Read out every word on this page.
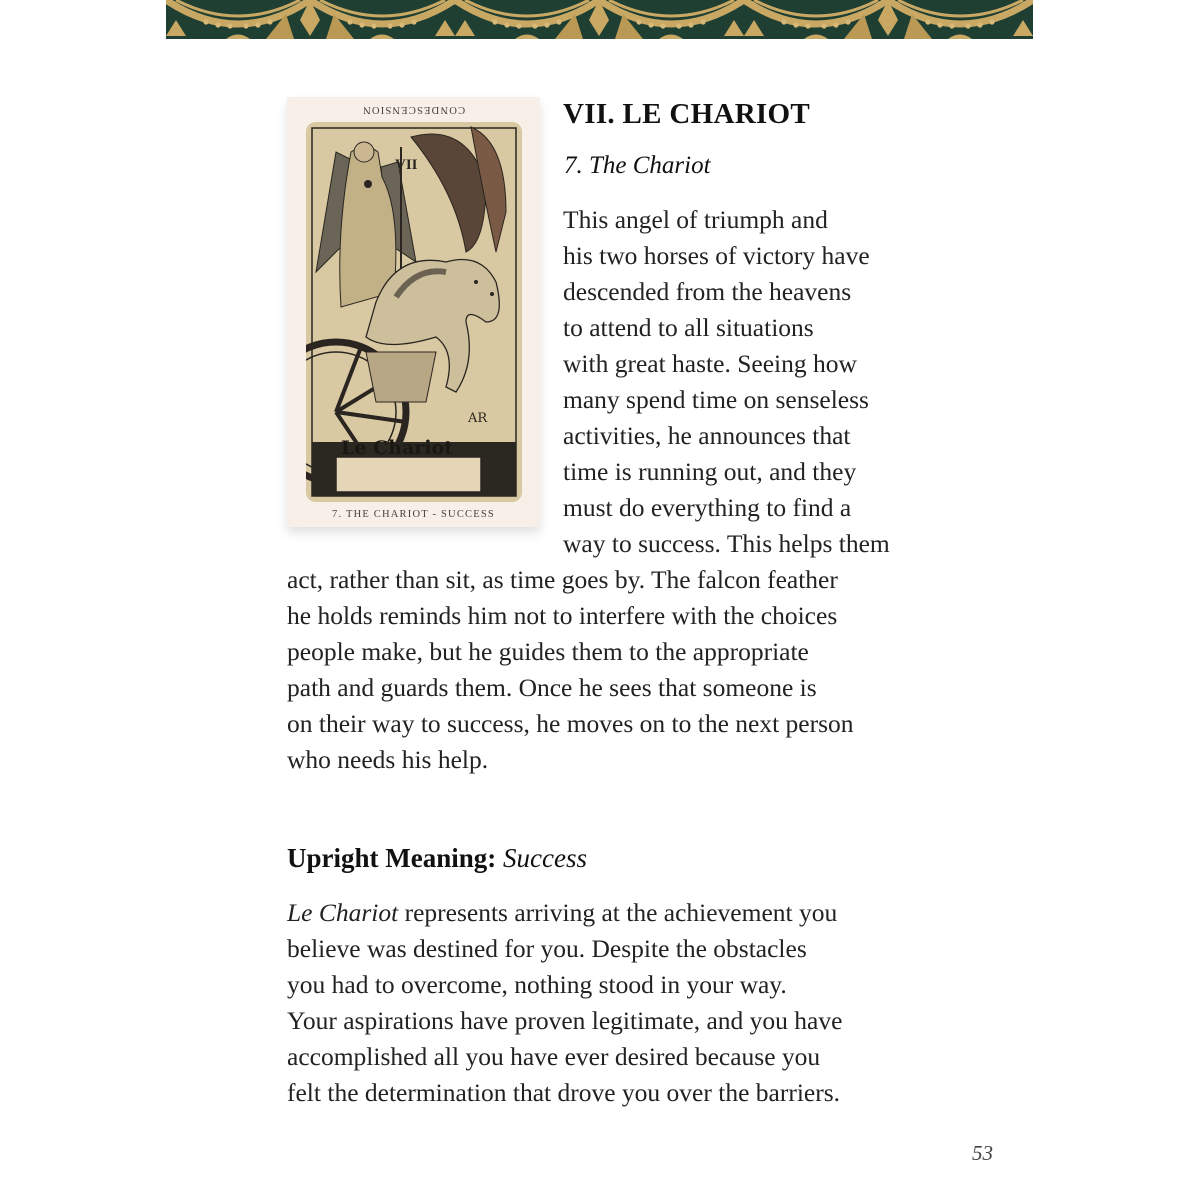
CONDESCENSION
AR
VII
Le Chariot
7. THE CHARIOT - SUCCESS
VII. LE CHARIOT
7. The Chariot
This angel of triumph and
his two horses of victory have
descended from the heavens
to attend to all situations
with great haste. Seeing how
many spend time on senseless
activities, he announces that
time is running out, and they
must do everything to find a
way to success. This helps them
act, rather than sit, as time goes by. The falcon feather
he holds reminds him not to interfere with the choices
people make, but he guides them to the appropriate
path and guards them. Once he sees that someone is
on their way to success, he moves on to the next person
who needs his help.
Upright Meaning: Success
Le Chariot represents arriving at the achievement you
believe was destined for you. Despite the obstacles
you had to overcome, nothing stood in your way.
Your aspirations have proven legitimate, and you have
accomplished all you have ever desired because you
felt the determination that drove you over the barriers.
53
